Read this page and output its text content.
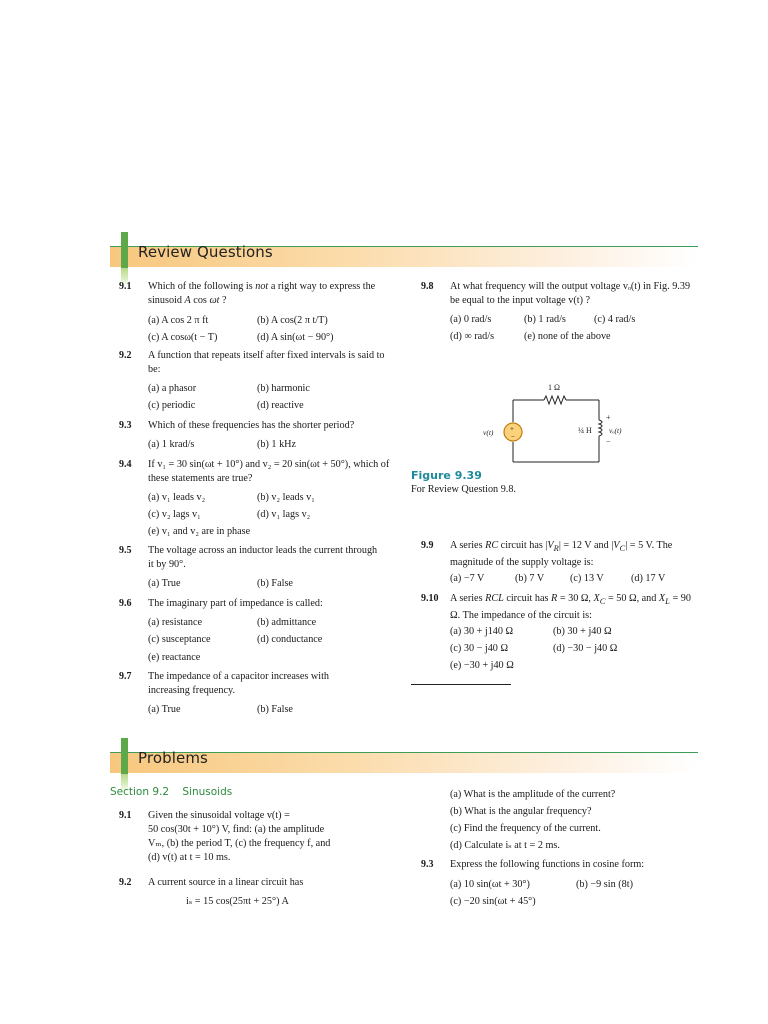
Review Questions
9.1 Which of the following is not a right way to express the sinusoid A cos ωt ?
(a) A cos 2 π ft	(b) A cos(2 π t/T)
(c) A cosω(t − T)	(d) A sin(ωt − 90°)
9.2 A function that repeats itself after fixed intervals is said to be:
(a) a phasor	(b) harmonic
(c) periodic	(d) reactive
9.3 Which of these frequencies has the shorter period?
(a) 1 krad/s	(b) 1 kHz
9.4 If v₁ = 30 sin(ωt + 10°) and v₂ = 20 sin(ωt + 50°), which of these statements are true?
(a) v₁ leads v₂	(b) v₂ leads v₁
(c) v₂ lags v₁	(d) v₁ lags v₂
(e) v₁ and v₂ are in phase
9.5 The voltage across an inductor leads the current through it by 90°.
(a) True	(b) False
9.6 The imaginary part of impedance is called:
(a) resistance	(b) admittance
(c) susceptance	(d) conductance
(e) reactance
9.7 The impedance of a capacitor increases with increasing frequency.
(a) True	(b) False
9.8 At what frequency will the output voltage vₒ(t) in Fig. 9.39 be equal to the input voltage v(t) ?
(a) 0 rad/s	(b) 1 rad/s	(c) 4 rad/s
(d) ∞ rad/s	(e) none of the above
+
−
1 Ω
v(t)	¼ H
+
vₒ(t)
−
Figure 9.39
For Review Question 9.8.
9.9 A series RC circuit has $|V_R| = 12$ V and $|V_C| = 5$ V. The magnitude of the supply voltage is:
(a) −7 V	(b) 7 V	(c) 13 V	(d) 17 V
9.10 A series RCL circuit has R = 30 Ω, $X_C = 50$ Ω, and $X_L = 90$ Ω. The impedance of the circuit is:
(a) 30 + j140 Ω	(b) 30 + j40 Ω
(c) 30 − j40 Ω	(d) −30 − j40 Ω
(e) −30 + j40 Ω
Problems
Section 9.2    Sinusoids
9.1 Given the sinusoidal voltage v(t) =
50 cos(30t + 10°) V, find: (a) the amplitude
Vₘ, (b) the period T, (c) the frequency f, and
(d) v(t) at t = 10 ms.
9.2 A current source in a linear circuit has
iₛ = 15 cos(25πt + 25°) A
(a) What is the amplitude of the current?
(b) What is the angular frequency?
(c) Find the frequency of the current.
(d) Calculate iₛ at t = 2 ms.
9.3 Express the following functions in cosine form:
(a) 10 sin(ωt + 30°)	(b) −9 sin (8t)
(c) −20 sin(ωt + 45°)
